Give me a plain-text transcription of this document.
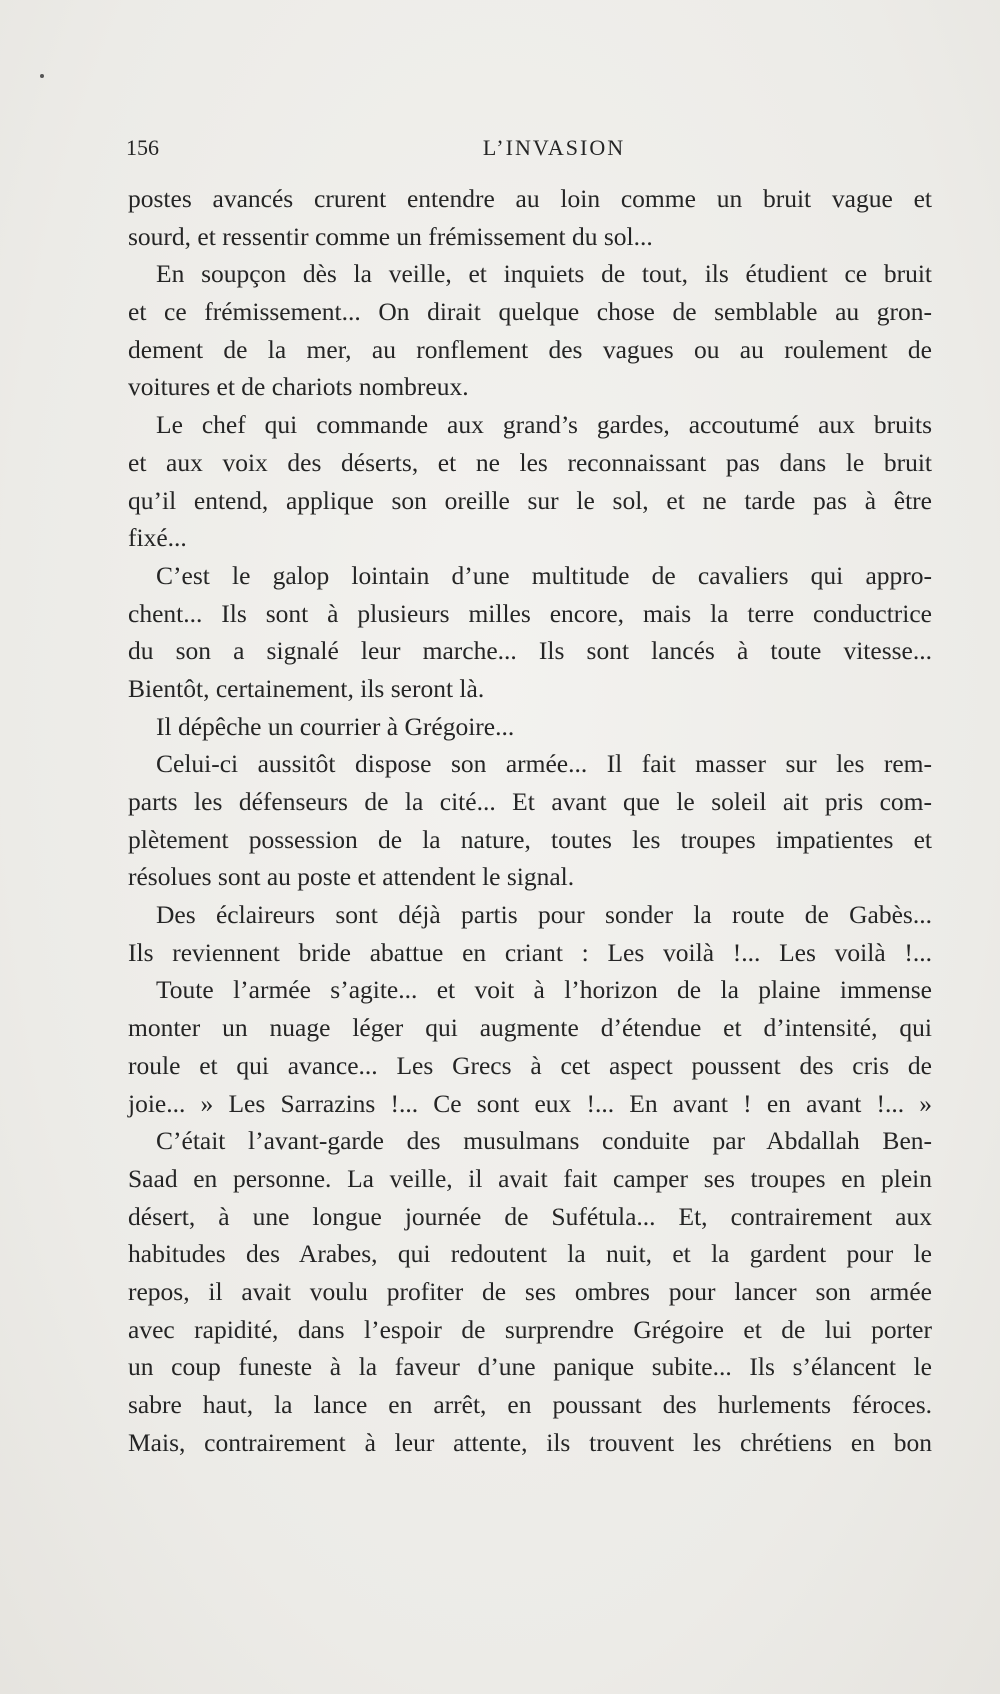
156	L’INVASION
postes avancés crurent entendre au loin comme un bruit vague et
sourd, et ressentir comme un frémissement du sol...
En soupçon dès la veille, et inquiets de tout, ils étudient ce bruit
et ce frémissement... On dirait quelque chose de semblable au gron-
dement de la mer, au ronflement des vagues ou au roulement de
voitures et de chariots nombreux.
Le chef qui commande aux grand’s gardes, accoutumé aux bruits
et aux voix des déserts, et ne les reconnaissant pas dans le bruit
qu’il entend, applique son oreille sur le sol, et ne tarde pas à être
fixé...
C’est le galop lointain d’une multitude de cavaliers qui appro-
chent... Ils sont à plusieurs milles encore, mais la terre conductrice
du son a signalé leur marche... Ils sont lancés à toute vitesse...
Bientôt, certainement, ils seront là.
Il dépêche un courrier à Grégoire...
Celui-ci aussitôt dispose son armée... Il fait masser sur les rem-
parts les défenseurs de la cité... Et avant que le soleil ait pris com-
plètement possession de la nature, toutes les troupes impatientes et
résolues sont au poste et attendent le signal.
Des éclaireurs sont déjà partis pour sonder la route de Gabès...
Ils reviennent bride abattue en criant : Les voilà !... Les voilà !...
Toute l’armée s’agite... et voit à l’horizon de la plaine immense
monter un nuage léger qui augmente d’étendue et d’intensité, qui
roule et qui avance... Les Grecs à cet aspect poussent des cris de
joie... » Les Sarrazins !... Ce sont eux !... En avant ! en avant !... »
C’était l’avant-garde des musulmans conduite par Abdallah Ben-
Saad en personne. La veille, il avait fait camper ses troupes en plein
désert, à une longue journée de Sufétula... Et, contrairement aux
habitudes des Arabes, qui redoutent la nuit, et la gardent pour le
repos, il avait voulu profiter de ses ombres pour lancer son armée
avec rapidité, dans l’espoir de surprendre Grégoire et de lui porter
un coup funeste à la faveur d’une panique subite... Ils s’élancent le
sabre haut, la lance en arrêt, en poussant des hurlements féroces.
Mais, contrairement à leur attente, ils trouvent les chrétiens en bon
